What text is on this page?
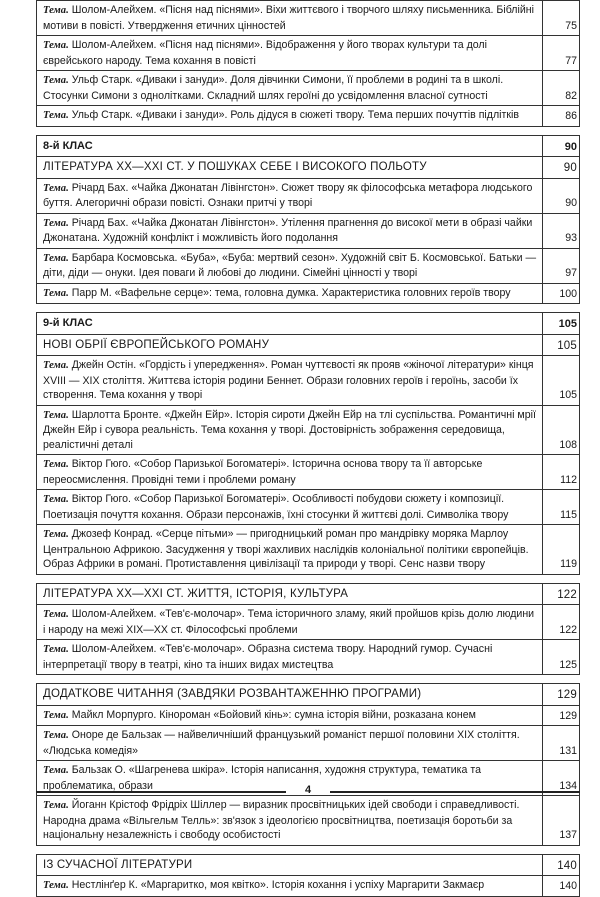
Тема. Шолом-Алейхем. «Пісня над піснями». Віхи життєвого і творчого шляху письменника. Біблійні мотиви в повісті. Утвердження етичних цінностей	75
Тема. Шолом-Алейхем. «Пісня над піснями». Відображення у його творах культури та долі єврейського народу. Тема кохання в повісті	77
Тема. Ульф Старк. «Диваки і зануди». Доля дівчинки Симони, її проблеми в родині та в школі. Стосунки Симони з однолітками. Складний шлях героїні до усвідомлення власної сутності	82
Тема. Ульф Старк. «Диваки і зануди». Роль дідуся в сюжеті твору. Тема перших почуттів підлітків	86

8-й КЛАС	90
ЛІТЕРАТУРА XX—XXI СТ. У ПОШУКАХ СЕБЕ І ВИСОКОГО ПОЛЬОТУ	90
Тема. Річард Бах. «Чайка Джонатан Лівінгстон». Сюжет твору як філософська метафора людського буття. Алегоричні образи повісті. Ознаки притчі у творі	90
Тема. Річард Бах. «Чайка Джонатан Лівінгстон». Утілення прагнення до високої мети в образі чайки Джонатана. Художній конфлікт і можливість його подолання	93
Тема. Барбара Космовська. «Буба», «Буба: мертвий сезон». Художній світ Б. Космовської. Батьки — діти, діди — онуки. Ідея поваги й любові до людини. Сімейні цінності у творі	97
Тема. Парр М. «Вафельне серце»: тема, головна думка. Характеристика головних героїв твору	100

9-й КЛАС	105
НОВІ ОБРІЇ ЄВРОПЕЙСЬКОГО РОМАНУ	105
Тема. Джейн Остін. «Гордість і упередження». Роман чуттєвості як прояв «жіночої літератури» кінця XVIII — XIX століття. Життєва історія родини Беннет. Образи головних героїв і героїнь, засоби їх створення. Тема кохання у творі	105
Тема. Шарлотта Бронте. «Джейн Ейр». Історія сироти Джейн Ейр на тлі суспільства. Романтичні мрії Джейн Ейр і сувора реальність. Тема кохання у творі. Достовірність зображення середовища, реалістичні деталі	108
Тема. Віктор Гюго. «Собор Паризької Богоматері». Історична основа твору та її авторське переосмислення. Провідні теми і проблеми роману	112
Тема. Віктор Гюго. «Собор Паризької Богоматері». Особливості побудови сюжету і композиції. Поетизація почуття кохання. Образи персонажів, їхні стосунки й життєві долі. Символіка твору	115
Тема. Джозеф Конрад. «Серце пітьми» — пригодницький роман про мандрівку моряка Марлоу Центральною Африкою. Засудження у творі жахливих наслідків колоніальної політики європейців. Образ Африки в романі. Протиставлення цивілізації та природи у творі. Сенс назви твору	119

ЛІТЕРАТУРА XX—XXI СТ. ЖИТТЯ, ІСТОРІЯ, КУЛЬТУРА	122
Тема. Шолом-Алейхем. «Тев'є-молочар». Тема історичного зламу, який пройшов крізь долю людини і народу на межі XIX—XX ст. Філософські проблеми	122
Тема. Шолом-Алейхем. «Тев'є-молочар». Образна система твору. Народний гумор. Сучасні інтерпретації твору в театрі, кіно та інших видах мистецтва	125

ДОДАТКОВЕ ЧИТАННЯ (ЗАВДЯКИ РОЗВАНТАЖЕННЮ ПРОГРАМИ)	129
Тема. Майкл Морпурго. Кінороман «Бойовий кінь»: сумна історія війни, розказана конем	129
Тема. Оноре де Бальзак — найвеличніший французький романіст першої половини XIX століття. «Людська комедія»	131
Тема. Бальзак О. «Шагренева шкіра». Історія написання, художня структура, тематика та проблематика, образи	134
Тема. Йоганн Крістоф Фрідріх Шіллер — виразник просвітницьких ідей свободи і справедливості. Народна драма «Вільгельм Телль»: зв'язок з ідеологією просвітництва, поетизація боротьби за національну незалежність і свободу особистості	137

ІЗ СУЧАСНОЇ ЛІТЕРАТУРИ	140
Тема. Нестлінґер К. «Маргаритко, моя квітко». Історія кохання і успіху Маргарити Закмаєр	140
4
